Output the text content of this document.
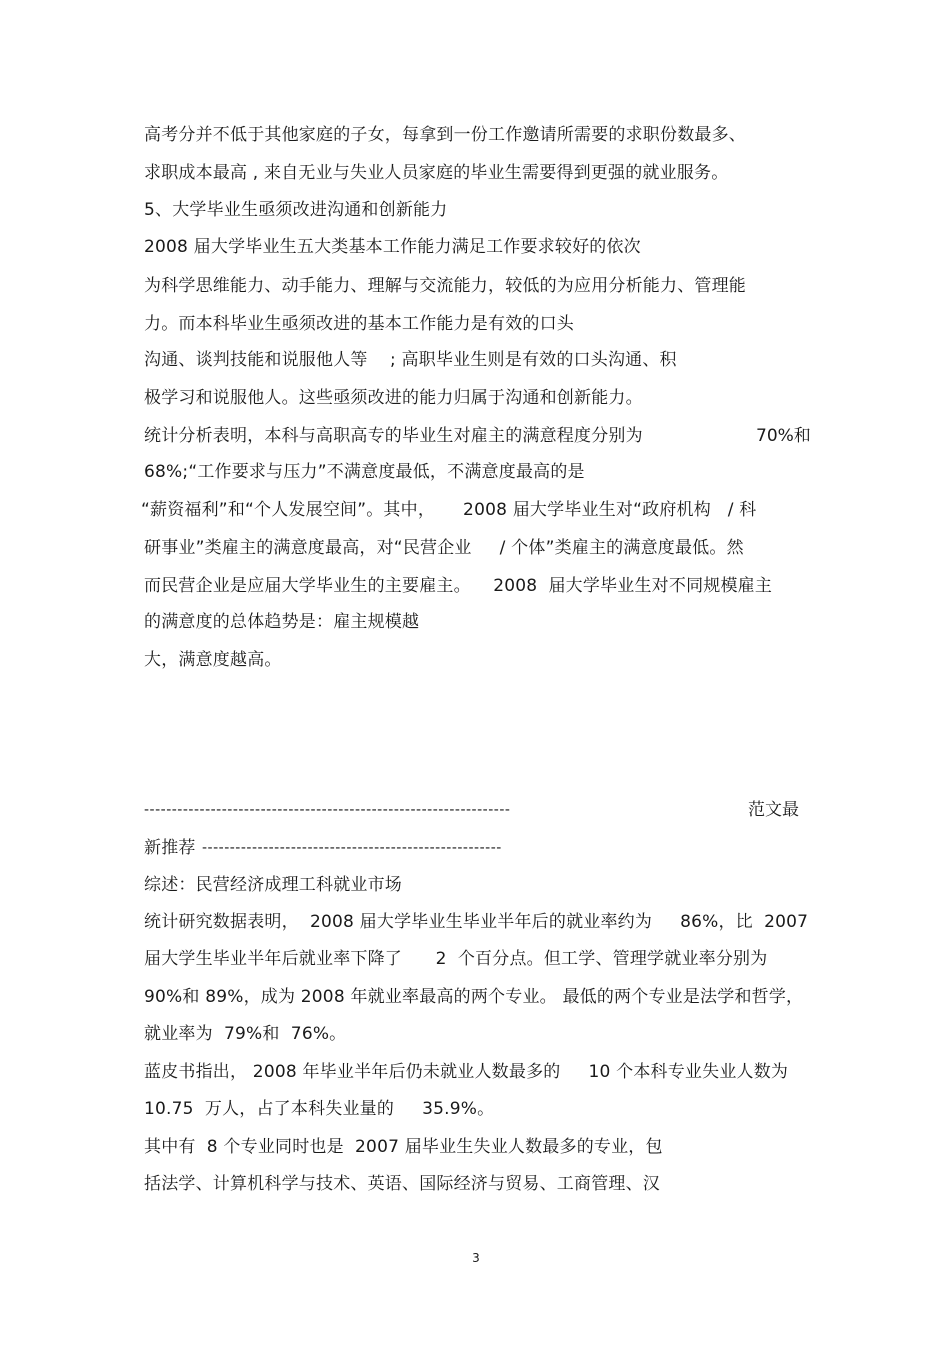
高考分并不低于其他家庭的子女，每拿到一份工作邀请所需要的求职份数最多、
求职成本最高 , 来自无业与失业人员家庭的毕业生需要得到更强的就业服务。
5、大学毕业生亟须改进沟通和创新能力
2008 届大学毕业生五大类基本工作能力满足工作要求较好的依次
为科学思维能力、动手能力、理解与交流能力，较低的为应用分析能力、管理能
力。而本科毕业生亟须改进的基本工作能力是有效的口头
沟通、谈判技能和说服他人等    ; 高职毕业生则是有效的口头沟通、积
极学习和说服他人。这些亟须改进的能力归属于沟通和创新能力。
统计分析表明，本科与高职高专的毕业生对雇主的满意程度分别为	70%和
68%;“工作要求与压力”不满意度最低，不满意度最高的是
“薪资福利”和“个人发展空间”。其中，     2008 届大学毕业生对“政府机构   / 科
研事业”类雇主的满意度最高，对“民营企业     / 个体”类雇主的满意度最低。然
而民营企业是应届大学毕业生的主要雇主。    2008  届大学毕业生对不同规模雇主
的满意度的总体趋势是：雇主规模越
大，满意度越高。
------------------------------------------------------------------	范文最
新推荐 ------------------------------------------------------
综述：民营经济成理工科就业市场
统计研究数据表明，  2008 届大学毕业生毕业半年后的就业率约为     86%，比  2007
届大学生毕业半年后就业率下降了      2  个百分点。但工学、管理学就业率分别为
90%和 89%，成为 2008 年就业率最高的两个专业。 最低的两个专业是法学和哲学，
就业率为  79%和  76%。
蓝皮书指出， 2008 年毕业半年后仍未就业人数最多的     10 个本科专业失业人数为
10.75  万人，占了本科失业量的     35.9%。
其中有  8 个专业同时也是  2007 届毕业生失业人数最多的专业，包
括法学、计算机科学与技术、英语、国际经济与贸易、工商管理、汉
3
